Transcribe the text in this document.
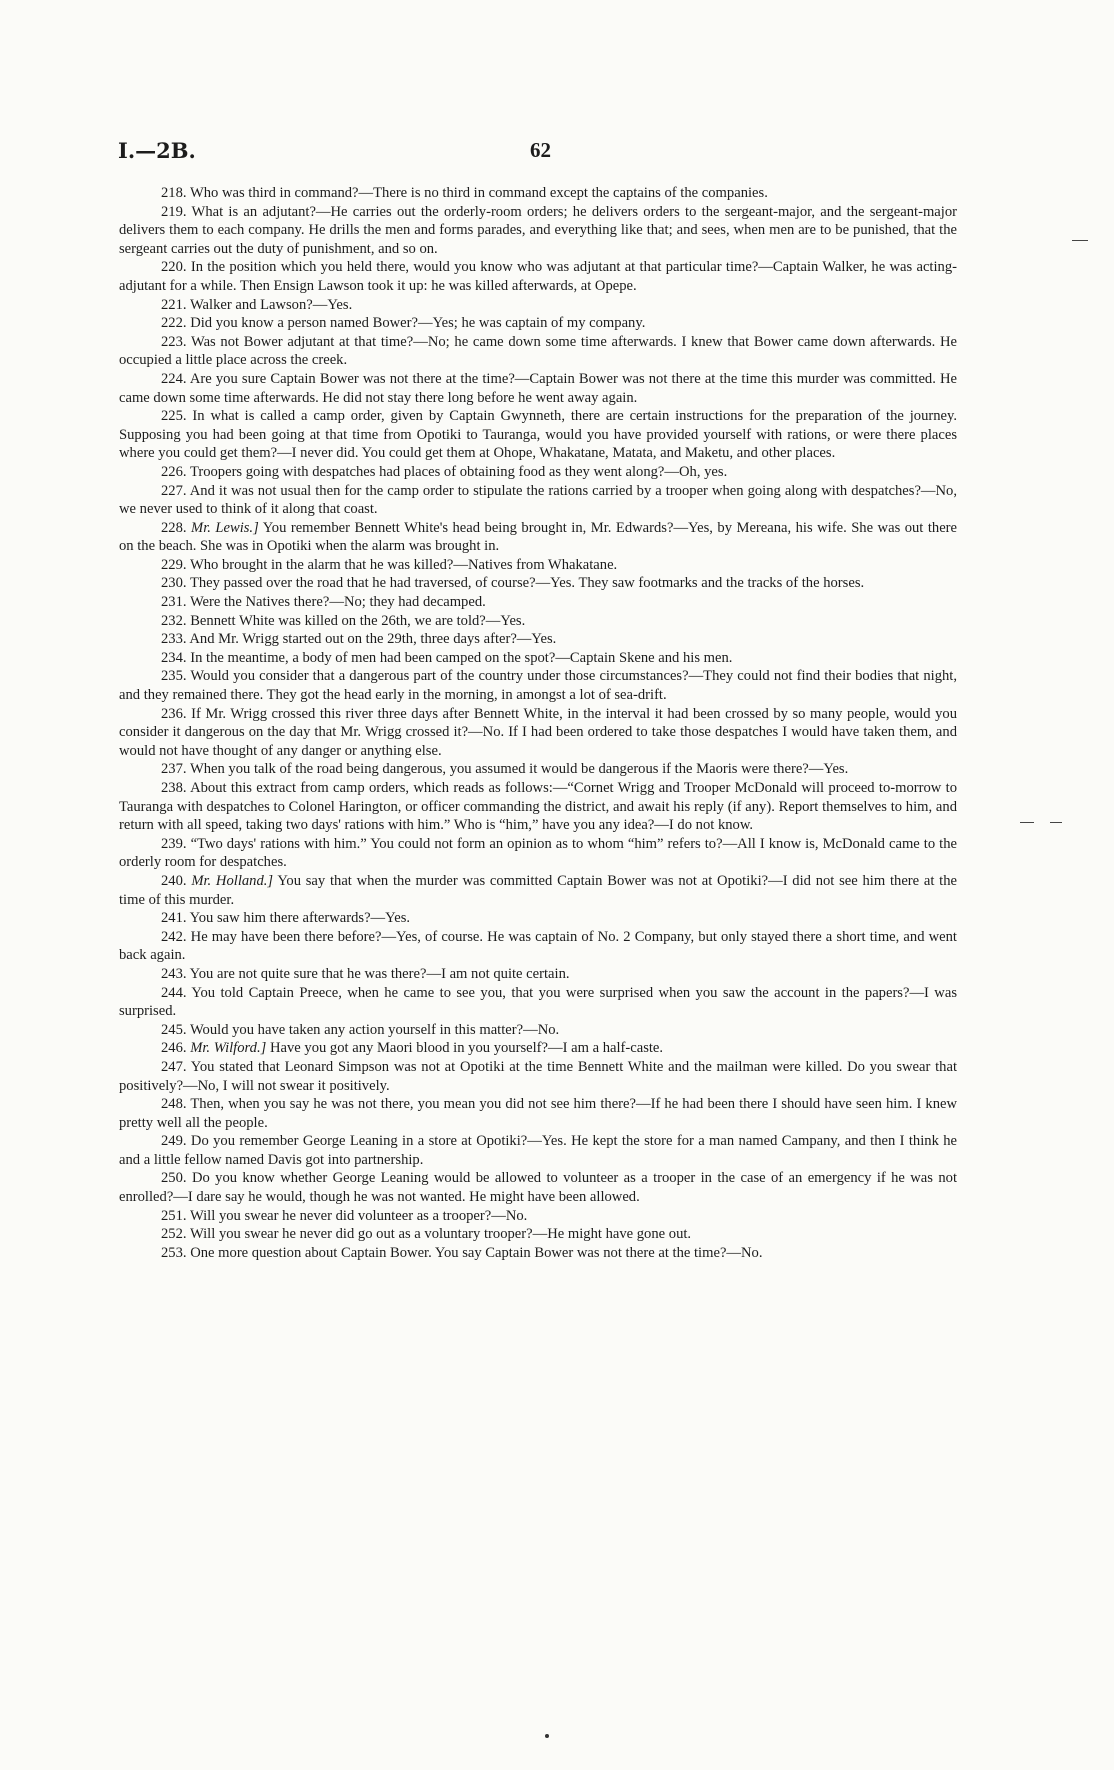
I.—2B.	62

218. Who was third in command?—There is no third in command except the captains of the companies.

219. What is an adjutant?—He carries out the orderly-room orders; he delivers orders to the sergeant-major, and the sergeant-major delivers them to each company. He drills the men and forms parades, and everything like that; and sees, when men are to be punished, that the sergeant carries out the duty of punishment, and so on.

220. In the position which you held there, would you know who was adjutant at that particular time?—Captain Walker, he was acting-adjutant for a while. Then Ensign Lawson took it up: he was killed afterwards, at Opepe.

221. Walker and Lawson?—Yes.

222. Did you know a person named Bower?—Yes; he was captain of my company.

223. Was not Bower adjutant at that time?—No; he came down some time afterwards. I knew that Bower came down afterwards. He occupied a little place across the creek.

224. Are you sure Captain Bower was not there at the time?—Captain Bower was not there at the time this murder was committed. He came down some time afterwards. He did not stay there long before he went away again.

225. In what is called a camp order, given by Captain Gwynneth, there are certain instructions for the preparation of the journey. Supposing you had been going at that time from Opotiki to Tauranga, would you have provided yourself with rations, or were there places where you could get them?—I never did. You could get them at Ohope, Whakatane, Matata, and Maketu, and other places.

226. Troopers going with despatches had places of obtaining food as they went along?—Oh, yes.

227. And it was not usual then for the camp order to stipulate the rations carried by a trooper when going along with despatches?—No, we never used to think of it along that coast.

228. Mr. Lewis.] You remember Bennett White's head being brought in, Mr. Edwards?—Yes, by Mereana, his wife. She was out there on the beach. She was in Opotiki when the alarm was brought in.

229. Who brought in the alarm that he was killed?—Natives from Whakatane.

230. They passed over the road that he had traversed, of course?—Yes. They saw footmarks and the tracks of the horses.

231. Were the Natives there?—No; they had decamped.

232. Bennett White was killed on the 26th, we are told?—Yes.

233. And Mr. Wrigg started out on the 29th, three days after?—Yes.

234. In the meantime, a body of men had been camped on the spot?—Captain Skene and his men.

235. Would you consider that a dangerous part of the country under those circumstances?—They could not find their bodies that night, and they remained there. They got the head early in the morning, in amongst a lot of sea-drift.

236. If Mr. Wrigg crossed this river three days after Bennett White, in the interval it had been crossed by so many people, would you consider it dangerous on the day that Mr. Wrigg crossed it?—No. If I had been ordered to take those despatches I would have taken them, and would not have thought of any danger or anything else.

237. When you talk of the road being dangerous, you assumed it would be dangerous if the Maoris were there?—Yes.

238. About this extract from camp orders, which reads as follows:—“Cornet Wrigg and Trooper McDonald will proceed to-morrow to Tauranga with despatches to Colonel Harington, or officer commanding the district, and await his reply (if any). Report themselves to him, and return with all speed, taking two days' rations with him.” Who is “him,” have you any idea?—I do not know.

239. “Two days' rations with him.” You could not form an opinion as to whom “him” refers to?—All I know is, McDonald came to the orderly room for despatches.

240. Mr. Holland.] You say that when the murder was committed Captain Bower was not at Opotiki?—I did not see him there at the time of this murder.

241. You saw him there afterwards?—Yes.

242. He may have been there before?—Yes, of course. He was captain of No. 2 Company, but only stayed there a short time, and went back again.

243. You are not quite sure that he was there?—I am not quite certain.

244. You told Captain Preece, when he came to see you, that you were surprised when you saw the account in the papers?—I was surprised.

245. Would you have taken any action yourself in this matter?—No.

246. Mr. Wilford.] Have you got any Maori blood in you yourself?—I am a half-caste.

247. You stated that Leonard Simpson was not at Opotiki at the time Bennett White and the mailman were killed. Do you swear that positively?—No, I will not swear it positively.

248. Then, when you say he was not there, you mean you did not see him there?—If he had been there I should have seen him. I knew pretty well all the people.

249. Do you remember George Leaning in a store at Opotiki?—Yes. He kept the store for a man named Campany, and then I think he and a little fellow named Davis got into partnership.

250. Do you know whether George Leaning would be allowed to volunteer as a trooper in the case of an emergency if he was not enrolled?—I dare say he would, though he was not wanted. He might have been allowed.

251. Will you swear he never did volunteer as a trooper?—No.

252. Will you swear he never did go out as a voluntary trooper?—He might have gone out.

253. One more question about Captain Bower. You say Captain Bower was not there at the time?—No.
